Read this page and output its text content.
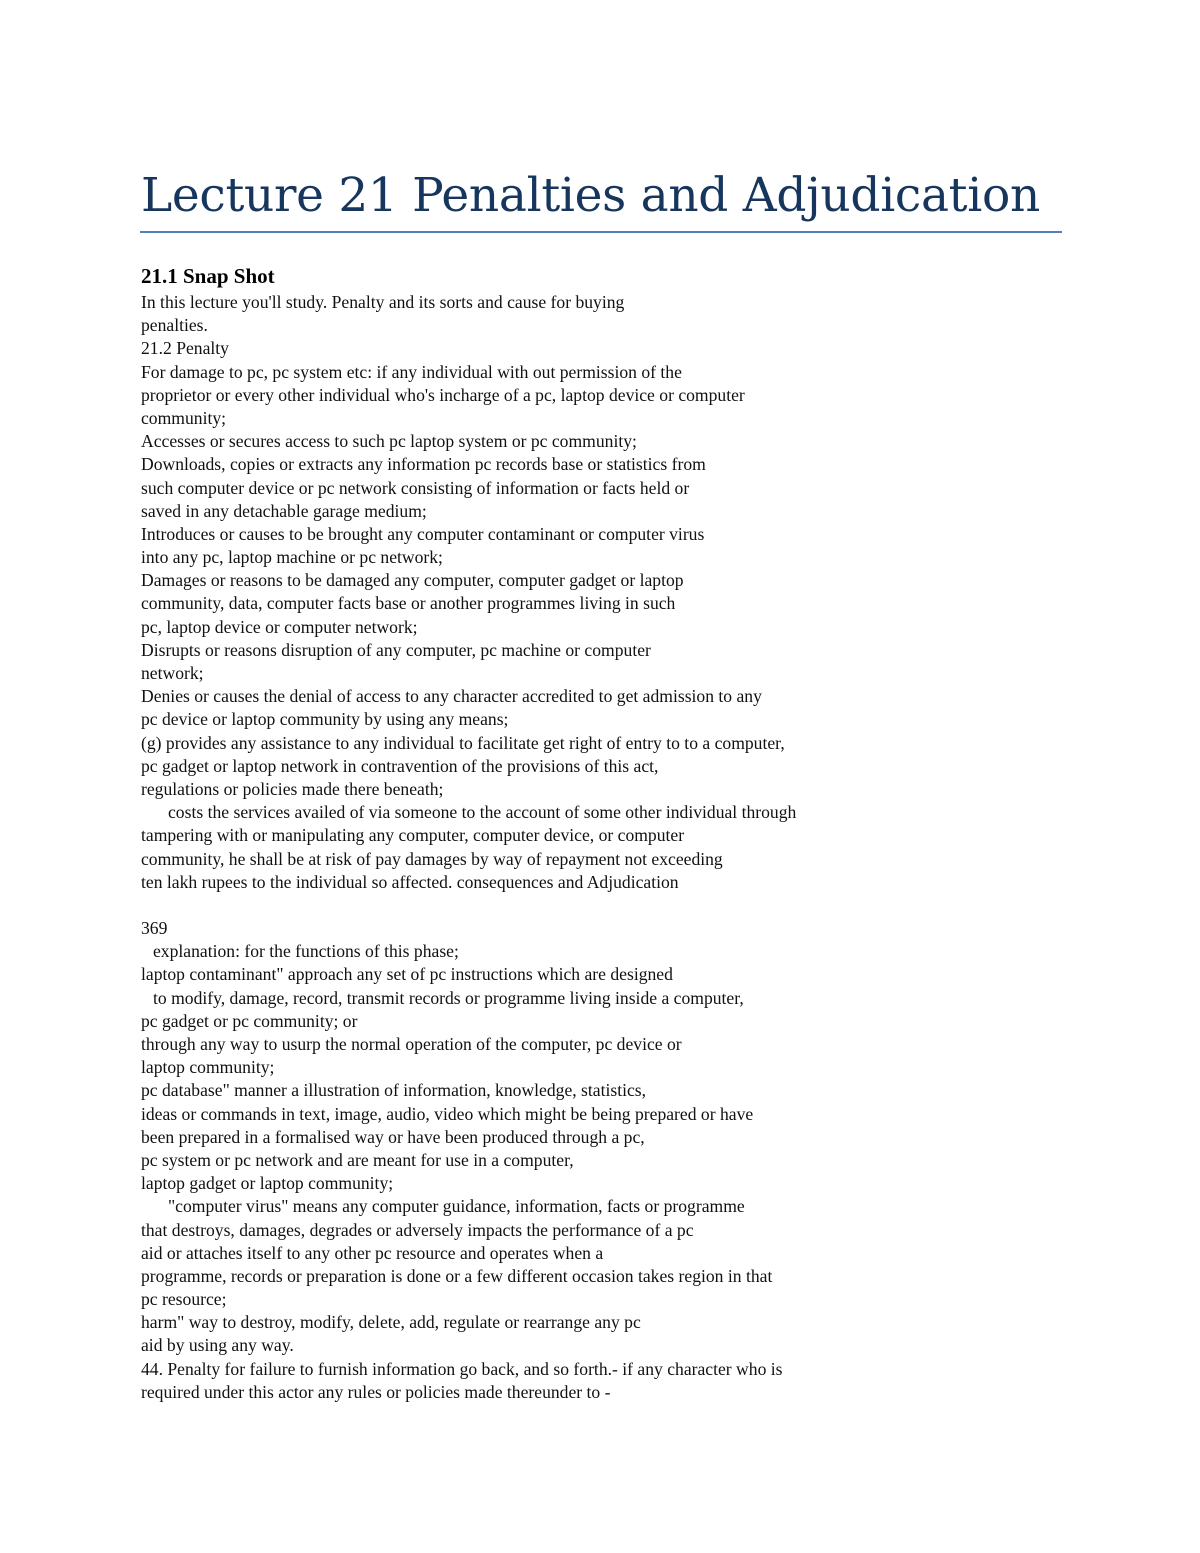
Lecture 21 Penalties and Adjudication
21.1 Snap Shot
In this lecture you'll study. Penalty and its sorts and cause for buying
penalties.
21.2 Penalty
For damage to pc, pc system etc: if any individual with out permission of the
proprietor or every other individual who's incharge of a pc, laptop device or computer
community;
Accesses or secures access to such pc laptop system or pc community;
Downloads, copies or extracts any information pc records base or statistics from
such computer device or pc network consisting of information or facts held or
saved in any detachable garage medium;
Introduces or causes to be brought any computer contaminant or computer virus
into any pc, laptop machine or pc network;
Damages or reasons to be damaged any computer, computer gadget or laptop
community, data, computer facts base or another programmes living in such
pc, laptop device or computer network;
Disrupts or reasons disruption of any computer, pc machine or computer
network;
Denies or causes the denial of access to any character accredited to get admission to any
pc device or laptop community by using any means;
(g) provides any assistance to any individual to facilitate get right of entry to to a computer,
pc gadget or laptop network in contravention of the provisions of this act,
regulations or policies made there beneath;
costs the services availed of via someone to the account of some other individual through
tampering with or manipulating any computer, computer device, or computer
community, he shall be at risk of pay damages by way of repayment not exceeding
ten lakh rupees to the individual so affected. consequences and Adjudication
369
explanation: for the functions of this phase;
laptop contaminant" approach any set of pc instructions which are designed
to modify, damage, record, transmit records or programme living inside a computer,
pc gadget or pc community; or
through any way to usurp the normal operation of the computer, pc device or
laptop community;
pc database" manner a illustration of information, knowledge, statistics,
ideas or commands in text, image, audio, video which might be being prepared or have
been prepared in a formalised way or have been produced through a pc,
pc system or pc network and are meant for use in a computer,
laptop gadget or laptop community;
"computer virus" means any computer guidance, information, facts or programme
that destroys, damages, degrades or adversely impacts the performance of a pc
aid or attaches itself to any other pc resource and operates when a
programme, records or preparation is done or a few different occasion takes region in that
pc resource;
harm" way to destroy, modify, delete, add, regulate or rearrange any pc
aid by using any way.
44. Penalty for failure to furnish information go back, and so forth.- if any character who is
required under this actor any rules or policies made thereunder to -
